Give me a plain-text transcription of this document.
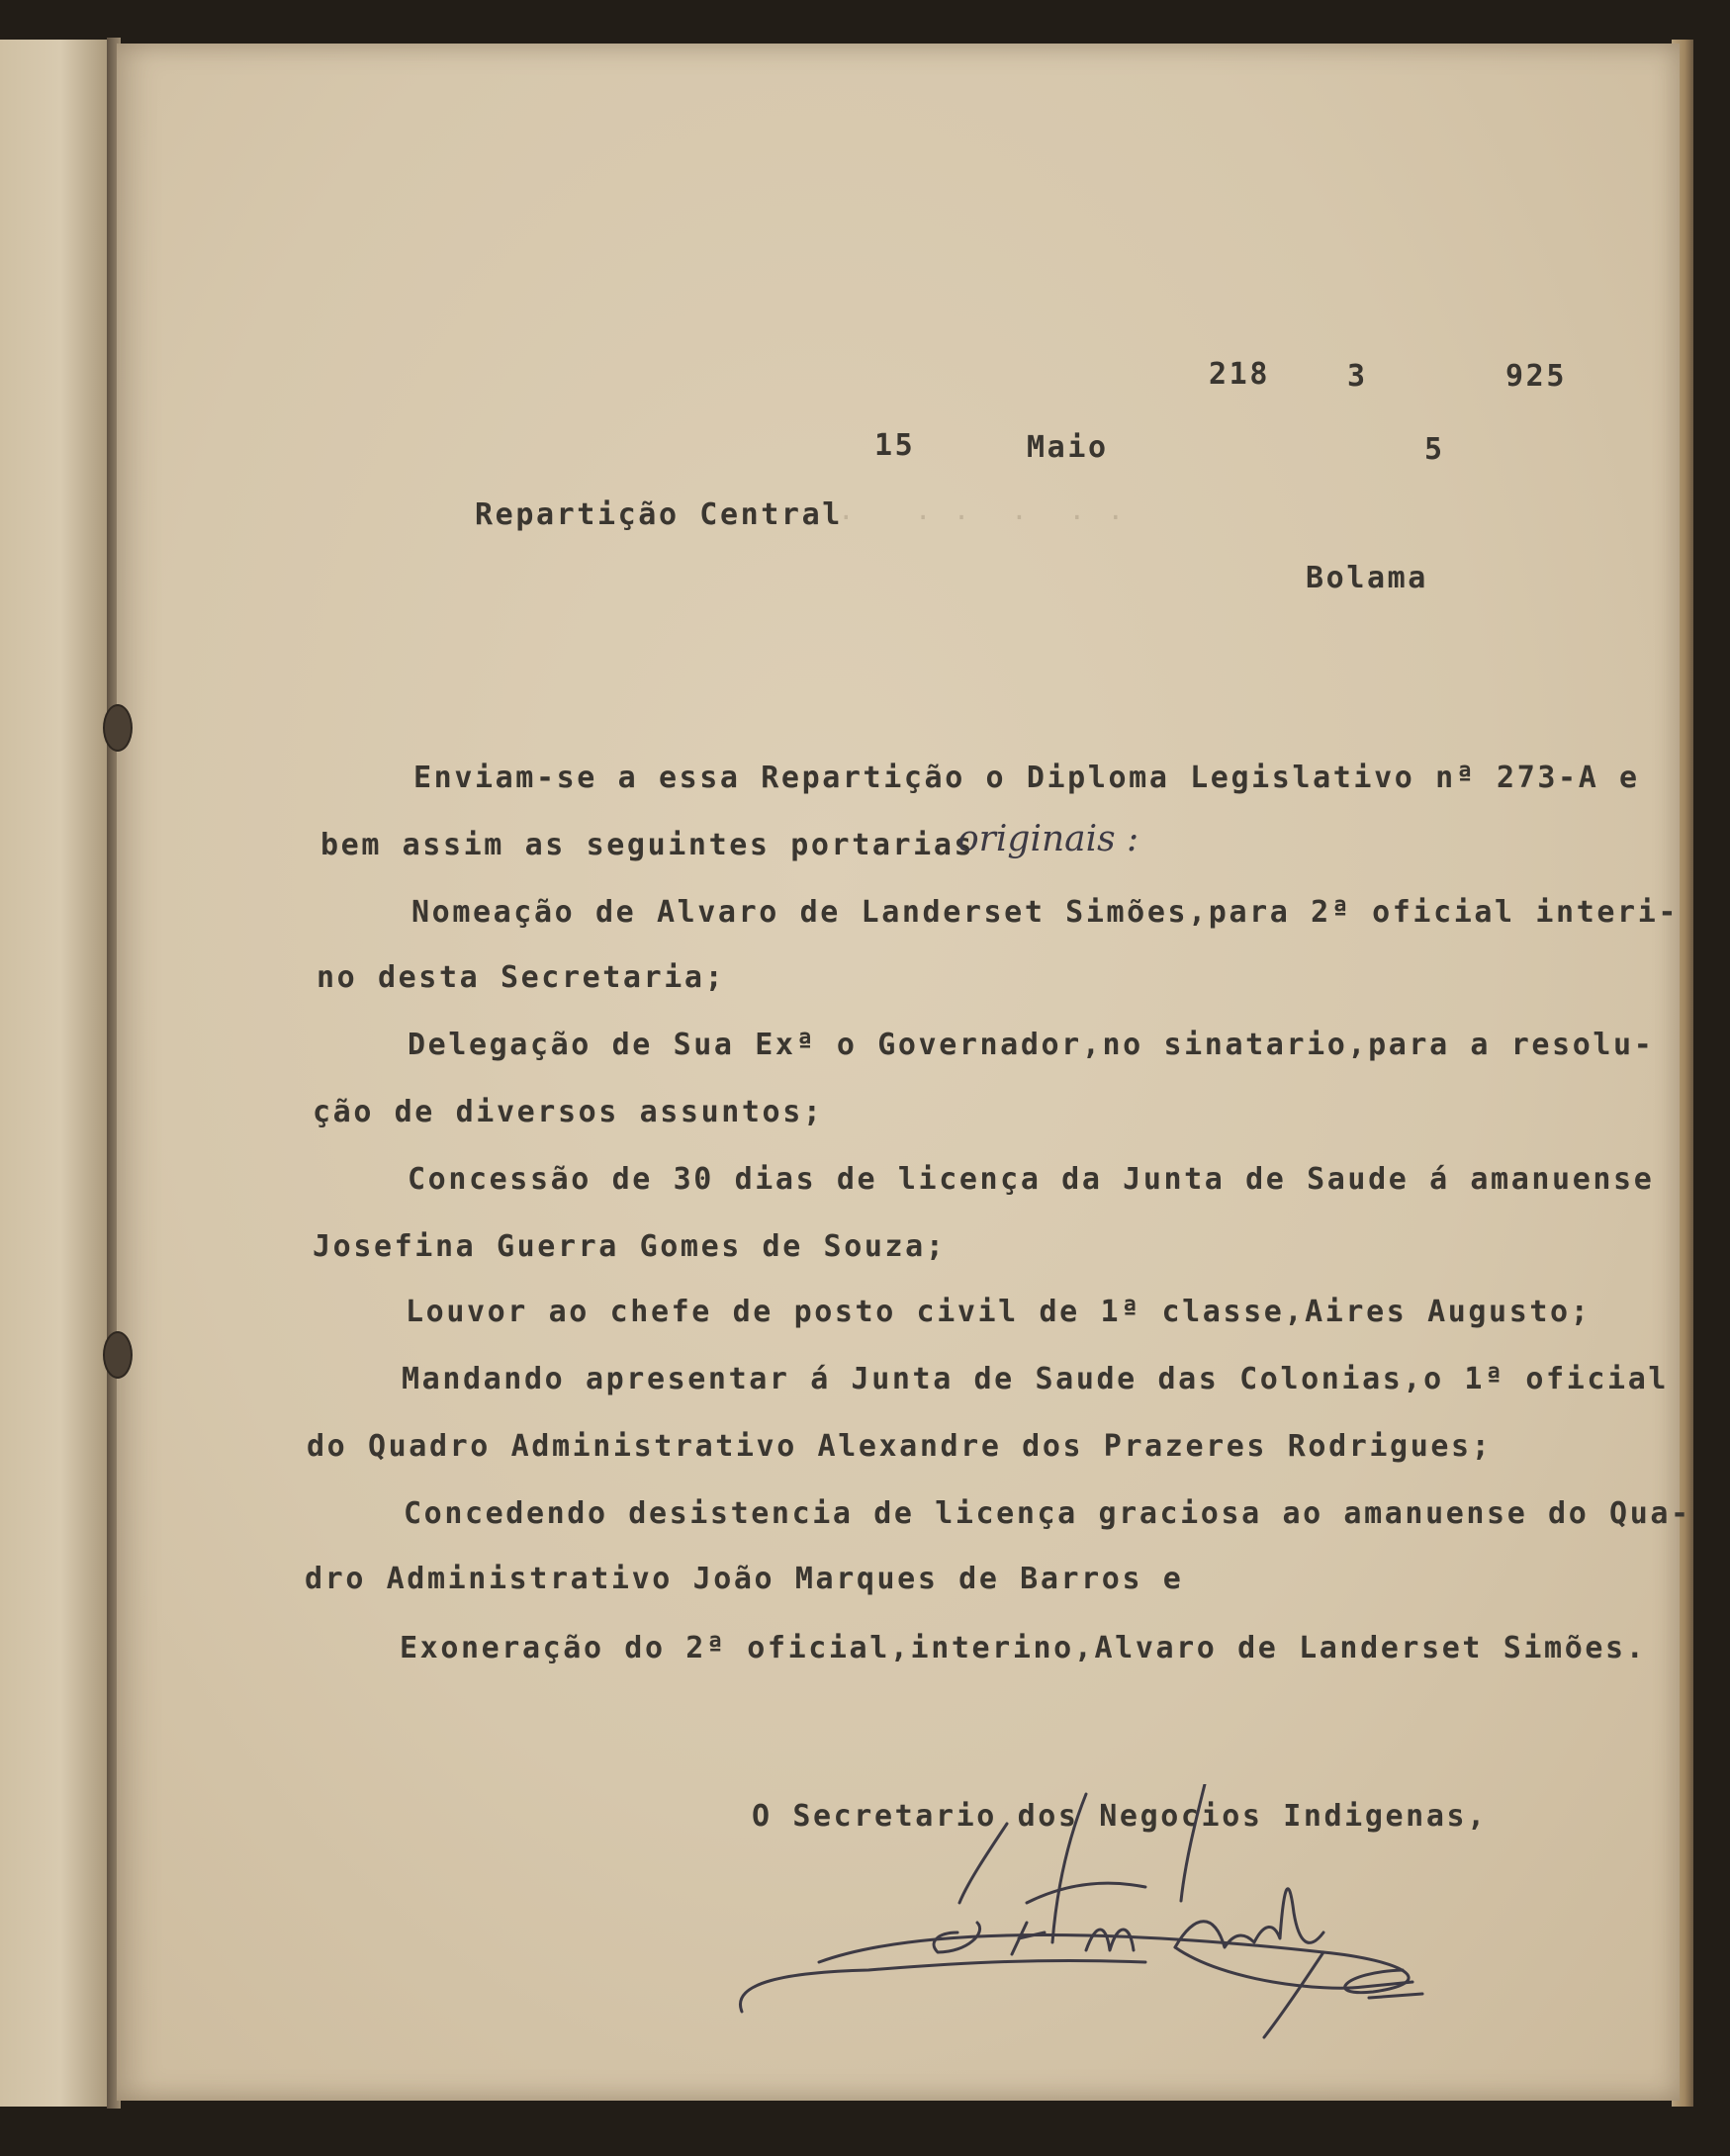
.   . .  .  . .
218	3	925
15	Maio	5
Repartição Central
Bolama
Enviam-se a essa Repartição o Diploma Legislativo nª 273-A e
bem assim as seguintes portarias
originais :
Nomeação de Alvaro de Landerset Simões,para 2ª oficial interi-
no desta Secretaria;
Delegação de Sua Exª o Governador,no sinatario,para a resolu-
ção de diversos assuntos;
Concessão de 30 dias de licença da Junta de Saude á amanuense
Josefina Guerra Gomes de Souza;
Louvor ao chefe de posto civil de 1ª classe,Aires Augusto;
Mandando apresentar á Junta de Saude das Colonias,o 1ª oficial
do Quadro Administrativo Alexandre dos Prazeres Rodrigues;
Concedendo desistencia de licença graciosa ao amanuense do Qua-
dro Administrativo João Marques de Barros e
Exoneração do 2ª oficial,interino,Alvaro de Landerset Simões.
O Secretario dos Negocios Indigenas,
